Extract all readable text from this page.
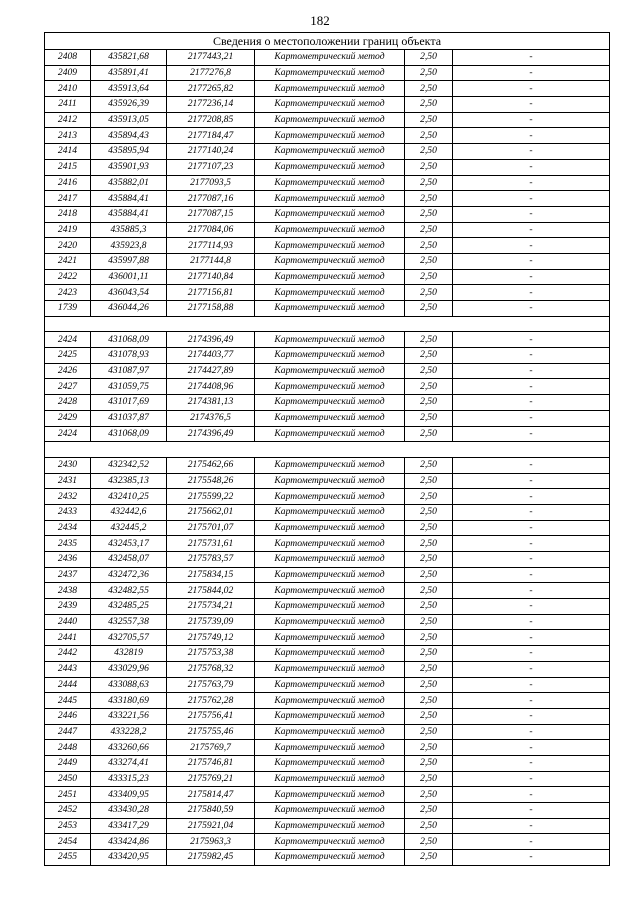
182
Сведения о местоположении границ объекта					
2408	435821,68	2177443,21	Картометрический метод	2,50	-
2409	435891,41	2177276,8	Картометрический метод	2,50	-
2410	435913,64	2177265,82	Картометрический метод	2,50	-
2411	435926,39	2177236,14	Картометрический метод	2,50	-
2412	435913,05	2177208,85	Картометрический метод	2,50	-
2413	435894,43	2177184,47	Картометрический метод	2,50	-
2414	435895,94	2177140,24	Картометрический метод	2,50	-
2415	435901,93	2177107,23	Картометрический метод	2,50	-
2416	435882,01	2177093,5	Картометрический метод	2,50	-
2417	435884,41	2177087,16	Картометрический метод	2,50	-
2418	435884,41	2177087,15	Картометрический метод	2,50	-
2419	435885,3	2177084,06	Картометрический метод	2,50	-
2420	435923,8	2177114,93	Картометрический метод	2,50	-
2421	435997,88	2177144,8	Картометрический метод	2,50	-
2422	436001,11	2177140,84	Картометрический метод	2,50	-
2423	436043,54	2177156,81	Картометрический метод	2,50	-
1739	436044,26	2177158,88	Картометрический метод	2,50	-

2424	431068,09	2174396,49	Картометрический метод	2,50	-
2425	431078,93	2174403,77	Картометрический метод	2,50	-
2426	431087,97	2174427,89	Картометрический метод	2,50	-
2427	431059,75	2174408,96	Картометрический метод	2,50	-
2428	431017,69	2174381,13	Картометрический метод	2,50	-
2429	431037,87	2174376,5	Картометрический метод	2,50	-
2424	431068,09	2174396,49	Картометрический метод	2,50	-

2430	432342,52	2175462,66	Картометрический метод	2,50	-
2431	432385,13	2175548,26	Картометрический метод	2,50	-
2432	432410,25	2175599,22	Картометрический метод	2,50	-
2433	432442,6	2175662,01	Картометрический метод	2,50	-
2434	432445,2	2175701,07	Картометрический метод	2,50	-
2435	432453,17	2175731,61	Картометрический метод	2,50	-
2436	432458,07	2175783,57	Картометрический метод	2,50	-
2437	432472,36	2175834,15	Картометрический метод	2,50	-
2438	432482,55	2175844,02	Картометрический метод	2,50	-
2439	432485,25	2175734,21	Картометрический метод	2,50	-
2440	432557,38	2175739,09	Картометрический метод	2,50	-
2441	432705,57	2175749,12	Картометрический метод	2,50	-
2442	432819	2175753,38	Картометрический метод	2,50	-
2443	433029,96	2175768,32	Картометрический метод	2,50	-
2444	433088,63	2175763,79	Картометрический метод	2,50	-
2445	433180,69	2175762,28	Картометрический метод	2,50	-
2446	433221,56	2175756,41	Картометрический метод	2,50	-
2447	433228,2	2175755,46	Картометрический метод	2,50	-
2448	433260,66	2175769,7	Картометрический метод	2,50	-
2449	433274,41	2175746,81	Картометрический метод	2,50	-
2450	433315,23	2175769,21	Картометрический метод	2,50	-
2451	433409,95	2175814,47	Картометрический метод	2,50	-
2452	433430,28	2175840,59	Картометрический метод	2,50	-
2453	433417,29	2175921,04	Картометрический метод	2,50	-
2454	433424,86	2175963,3	Картометрический метод	2,50	-
2455	433420,95	2175982,45	Картометрический метод	2,50	-
